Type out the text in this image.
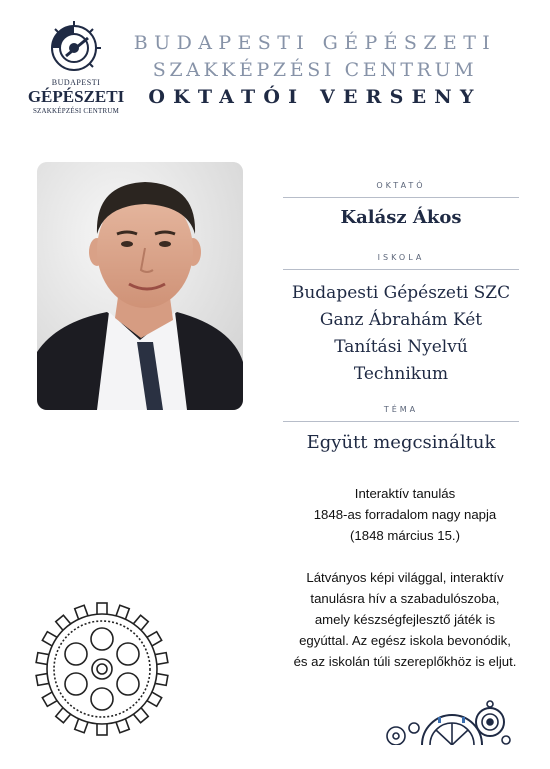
BUDAPESTI
GÉPÉSZETI
SZAKKÉPZÉSI CENTRUM
BUDAPESTI GÉPÉSZETI
SZAKKÉPZÉSI CENTRUM
OKTATÓI VERSENY
OKTATÓ
Kalász Ákos
ISKOLA
Budapesti Gépészeti SZC
Ganz Ábrahám Két
Tanítási Nyelvű
Technikum
TÉMA
Együtt megcsináltuk
Interaktív tanulás
1848-as forradalom nagy napja
(1848 március 15.)
Látványos képi világgal, interaktív
tanulásra hív a szabadulószoba,
amely készségfejlesztő játék is
egyúttal. Az egész iskola bevonódik,
és az iskolán túli szereplőkhöz is eljut.
